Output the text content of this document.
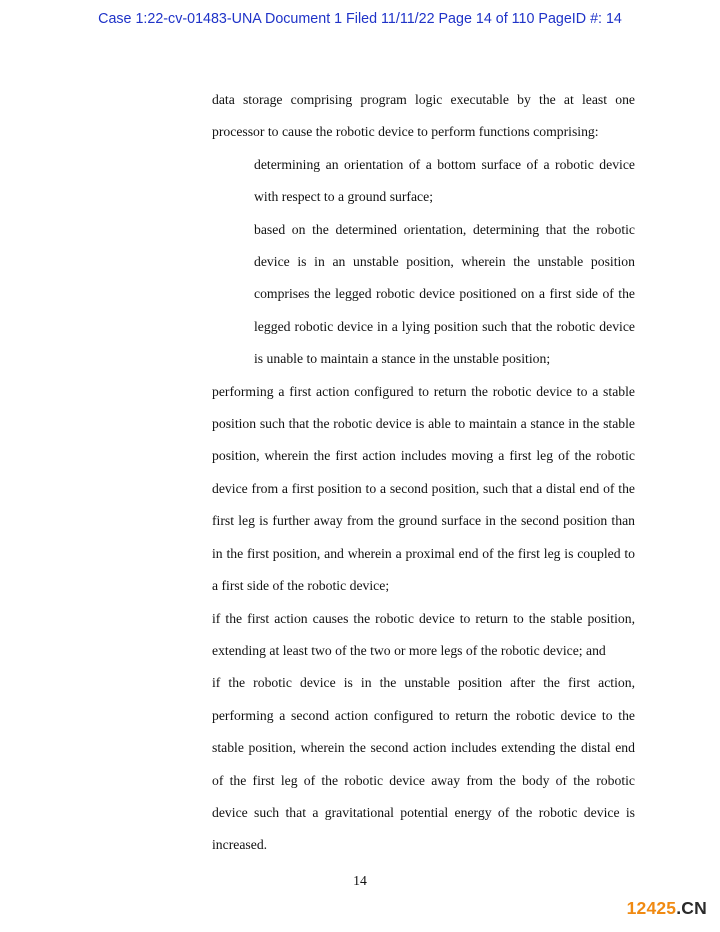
Case 1:22-cv-01483-UNA Document 1 Filed 11/11/22 Page 14 of 110 PageID #: 14

data storage comprising program logic executable by the at least one processor to cause the robotic device to perform functions comprising:

determining an orientation of a bottom surface of a robotic device with respect to a ground surface;

based on the determined orientation, determining that the robotic device is in an unstable position, wherein the unstable position comprises the legged robotic device positioned on a first side of the legged robotic device in a lying position such that the robotic device is unable to maintain a stance in the unstable position;

performing a first action configured to return the robotic device to a stable position such that the robotic device is able to maintain a stance in the stable position, wherein the first action includes moving a first leg of the robotic device from a first position to a second position, such that a distal end of the first leg is further away from the ground surface in the second position than in the first position, and wherein a proximal end of the first leg is coupled to a first side of the robotic device;

if the first action causes the robotic device to return to the stable position, extending at least two of the two or more legs of the robotic device; and

if the robotic device is in the unstable position after the first action, performing a second action configured to return the robotic device to the stable position, wherein the second action includes extending the distal end of the first leg of the robotic device away from the body of the robotic device such that a gravitational potential energy of the robotic device is increased.

14

12425.CN
